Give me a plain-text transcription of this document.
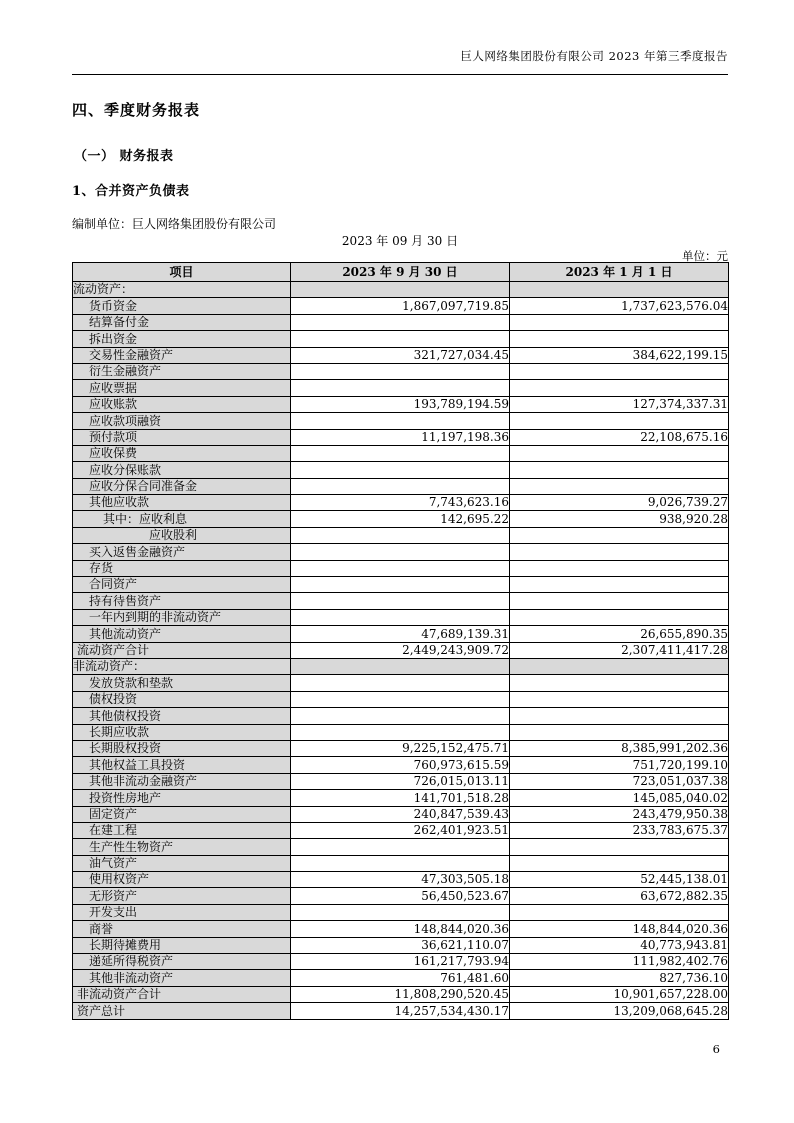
巨人网络集团股份有限公司 2023 年第三季度报告
四、季度财务报表
（一） 财务报表
1、合并资产负债表
编制单位：巨人网络集团股份有限公司
2023 年 09 月 30 日
单位：元
项目	2023 年 9 月 30 日	2023 年 1 月 1 日
流动资产：		
货币资金	1,867,097,719.85	1,737,623,576.04
结算备付金		
拆出资金		
交易性金融资产	321,727,034.45	384,622,199.15
衍生金融资产		
应收票据		
应收账款	193,789,194.59	127,374,337.31
应收款项融资		
预付款项	11,197,198.36	22,108,675.16
应收保费		
应收分保账款		
应收分保合同准备金		
其他应收款	7,743,623.16	9,026,739.27
其中：应收利息	142,695.22	938,920.28
应收股利		
买入返售金融资产		
存货		
合同资产		
持有待售资产		
一年内到期的非流动资产		
其他流动资产	47,689,139.31	26,655,890.35
流动资产合计	2,449,243,909.72	2,307,411,417.28
非流动资产：		
发放贷款和垫款		
债权投资		
其他债权投资		
长期应收款		
长期股权投资	9,225,152,475.71	8,385,991,202.36
其他权益工具投资	760,973,615.59	751,720,199.10
其他非流动金融资产	726,015,013.11	723,051,037.38
投资性房地产	141,701,518.28	145,085,040.02
固定资产	240,847,539.43	243,479,950.38
在建工程	262,401,923.51	233,783,675.37
生产性生物资产		
油气资产		
使用权资产	47,303,505.18	52,445,138.01
无形资产	56,450,523.67	63,672,882.35
开发支出		
商誉	148,844,020.36	148,844,020.36
长期待摊费用	36,621,110.07	40,773,943.81
递延所得税资产	161,217,793.94	111,982,402.76
其他非流动资产	761,481.60	827,736.10
非流动资产合计	11,808,290,520.45	10,901,657,228.00
资产总计	14,257,534,430.17	13,209,068,645.28
6
